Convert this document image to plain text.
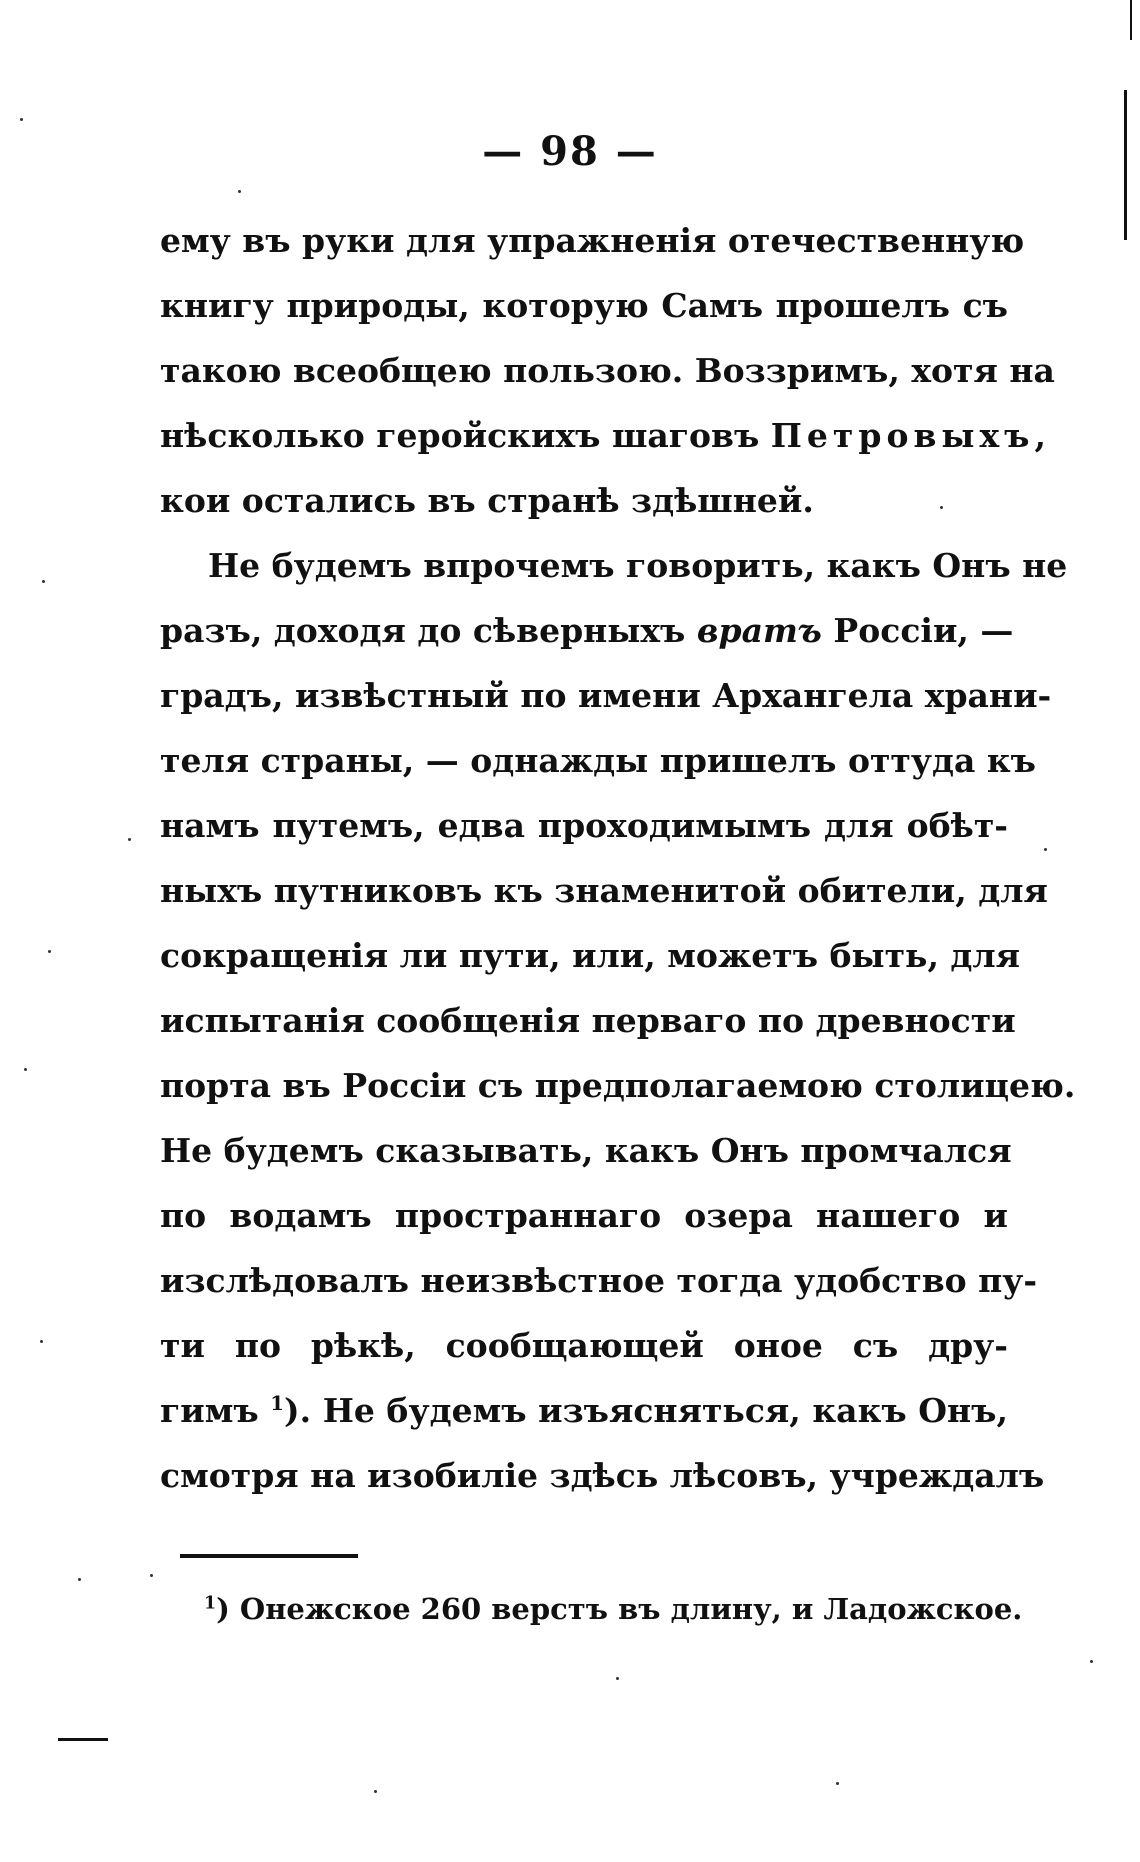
— 98 —
ему въ руки для упражненія отечественную
книгу природы, которую Самъ прошелъ съ
такою всеобщею пользою. Воззримъ, хотя на
нѣсколько геройскихъ шаговъ Петровыхъ,
кои остались въ странѣ здѣшней.
Не будемъ впрочемъ говорить, какъ Онъ не
разъ, доходя до сѣверныхъ вратъ Россіи, —
градъ, извѣстный по имени Архангела храни-
теля страны, — однажды пришелъ оттуда къ
намъ путемъ, едва проходимымъ для обѣт-
ныхъ путниковъ къ знаменитой обители, для
сокращенія ли пути, или, можетъ быть, для
испытанія сообщенія перваго по древности
порта въ Россіи съ предполагаемою столицею.
Не будемъ сказывать, какъ Онъ промчался
по водамъ пространнаго озера нашего и
изслѣдовалъ неизвѣстное тогда удобство пу-
ти по рѣкѣ, сообщающей оное съ дру-
гимъ $^1$). Не будемъ изъясняться, какъ Онъ,
смотря на изобиліе здѣсь лѣсовъ, учреждалъ
$^1$) Онежское 260 верстъ въ длину, и Ладожское.
